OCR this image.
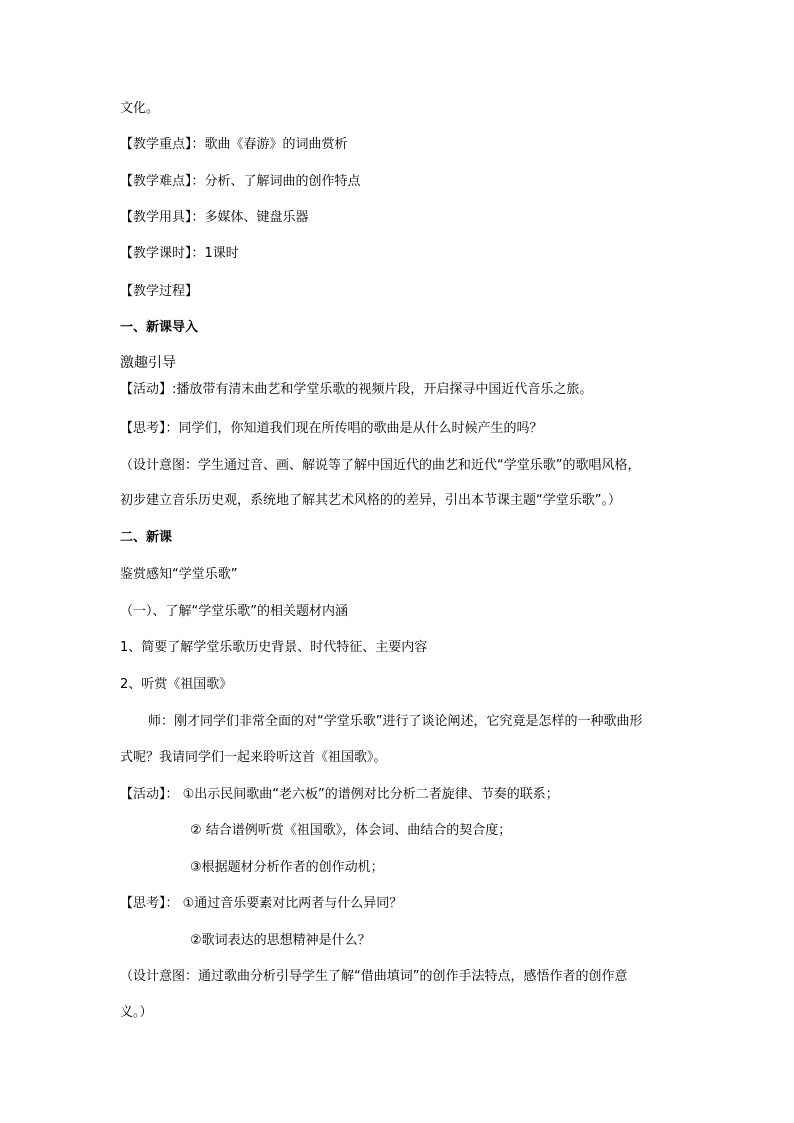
文化。
【教学重点】：歌曲《春游》的词曲赏析
【教学难点】：分析、了解词曲的创作特点
【教学用具】：多媒体、键盘乐器
【教学课时】：1课时
【教学过程】
一、新课导入
激趣引导
【活动】:播放带有清末曲艺和学堂乐歌的视频片段，开启探寻中国近代音乐之旅。
【思考】：同学们，你知道我们现在所传唱的歌曲是从什么时候产生的吗？
（设计意图：学生通过音、画、解说等了解中国近代的曲艺和近代“学堂乐歌”的歌唱风格，
初步建立音乐历史观，系统地了解其艺术风格的的差异，引出本节课主题“学堂乐歌”。）
二、新课
鉴赏感知“学堂乐歌”
（一）、了解“学堂乐歌”的相关题材内涵
1、简要了解学堂乐歌历史背景、时代特征、主要内容
2、听赏《祖国歌》
师：刚才同学们非常全面的对“学堂乐歌”进行了谈论阐述，它究竟是怎样的一种歌曲形
式呢？我请同学们一起来聆听这首《祖国歌》。
【活动】： ①出示民间歌曲“老六板”的谱例对比分析二者旋律、节奏的联系；
② 结合谱例听赏《祖国歌》，体会词、曲结合的契合度；
③根据题材分析作者的创作动机；
【思考】： ①通过音乐要素对比两者与什么异同？
②歌词表达的思想精神是什么？
（设计意图：通过歌曲分析引导学生了解“借曲填词”的创作手法特点，感悟作者的创作意
义。）
